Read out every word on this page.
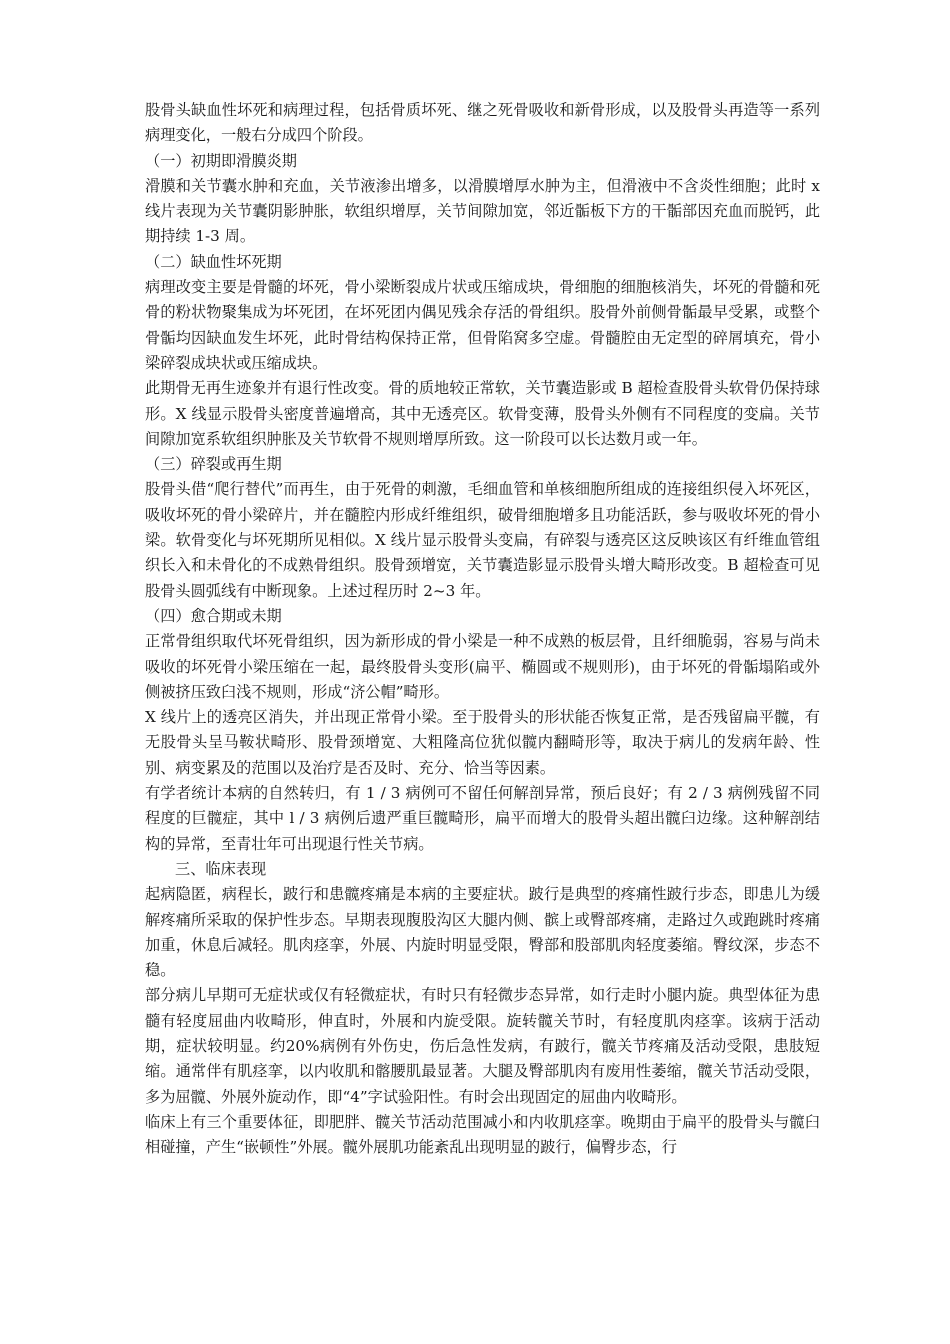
股骨头缺血性坏死和病理过程，包括骨质坏死、继之死骨吸收和新骨形成，以及股骨头再造等一系列病理变化，一般右分成四个阶段。

（一）初期即滑膜炎期

滑膜和关节囊水肿和充血，关节液渗出增多，以滑膜增厚水肿为主，但滑液中不含炎性细胞；此时 x 线片表现为关节囊阴影肿胀，软组织增厚，关节间隙加宽，邻近骺板下方的干骺部因充血而脱钙，此期持续 1-3 周。

（二）缺血性坏死期

病理改变主要是骨髓的坏死，骨小梁断裂成片状或压缩成块，骨细胞的细胞核消失，坏死的骨髓和死骨的粉状物聚集成为坏死团，在坏死团内偶见残余存活的骨组织。股骨外前侧骨骺最早受累，或整个骨骺均因缺血发生坏死，此时骨结构保持正常，但骨陷窝多空虚。骨髓腔由无定型的碎屑填充，骨小梁碎裂成块状或压缩成块。

此期骨无再生迹象并有退行性改变。骨的质地较正常软，关节囊造影或 B 超检查股骨头软骨仍保持球形。X 线显示股骨头密度普遍增高，其中无透亮区。软骨变薄，股骨头外侧有不同程度的变扁。关节间隙加宽系软组织肿胀及关节软骨不规则增厚所致。这一阶段可以长达数月或一年。

（三）碎裂或再生期

股骨头借“爬行替代”而再生，由于死骨的刺激，毛细血管和单核细胞所组成的连接组织侵入坏死区，吸收坏死的骨小梁碎片，并在髓腔内形成纤维组织，破骨细胞增多且功能活跃，参与吸收坏死的骨小梁。软骨变化与坏死期所见相似。X 线片显示股骨头变扁，有碎裂与透亮区这反映该区有纤维血管组织长入和未骨化的不成熟骨组织。股骨颈增宽，关节囊造影显示股骨头增大畸形改变。B 超检查可见股骨头圆弧线有中断现象。上述过程历时 2~3 年。

（四）愈合期或未期

正常骨组织取代坏死骨组织，因为新形成的骨小梁是一种不成熟的板层骨，且纤细脆弱，容易与尚未吸收的坏死骨小梁压缩在一起，最终股骨头变形(扁平、椭圆或不规则形)，由于坏死的骨骺塌陷或外侧被挤压致臼浅不规则，形成“济公帽”畸形。

X 线片上的透亮区消失，并出现正常骨小梁。至于股骨头的形状能否恢复正常，是否残留扁平髋，有无股骨头呈马鞍状畸形、股骨颈增宽、大粗隆高位犹似髋内翻畸形等，取决于病儿的发病年龄、性别、病变累及的范围以及治疗是否及时、充分、恰当等因素。

有学者统计本病的自然转归，有 1 / 3 病例可不留任何解剖异常，预后良好；有 2 / 3 病例残留不同程度的巨髋症，其中 l / 3 病例后遗严重巨髋畸形，扁平而增大的股骨头超出髋臼边缘。这种解剖结构的异常，至青壮年可出现退行性关节病。

三、临床表现

起病隐匿，病程长，跛行和患髋疼痛是本病的主要症状。跛行是典型的疼痛性跛行步态，即患儿为缓解疼痛所采取的保护性步态。早期表现腹股沟区大腿内侧、髌上或臀部疼痛，走路过久或跑跳时疼痛加重，休息后减轻。肌肉痉挛，外展、内旋时明显受限，臀部和股部肌肉轻度萎缩。臀纹深，步态不稳。

部分病儿早期可无症状或仅有轻微症状，有时只有轻微步态异常，如行走时小腿内旋。典型体征为患髓有轻度屈曲内收畸形，伸直时，外展和内旋受限。旋转髋关节时，有轻度肌肉痉挛。该病于活动期，症状较明显。约20%病例有外伤史，伤后急性发病，有跛行，髋关节疼痛及活动受限，患肢短缩。通常伴有肌痉挛，以内收肌和髂腰肌最显著。大腿及臀部肌肉有废用性萎缩，髋关节活动受限，多为屈髋、外展外旋动作，即“4”字试验阳性。有时会出现固定的屈曲内收畸形。

临床上有三个重要体征，即肥胖、髋关节活动范围减小和内收肌痉挛。晚期由于扁平的股骨头与髋臼相碰撞，产生“嵌顿性”外展。髋外展肌功能紊乱出现明显的跛行，偏臀步态，行
